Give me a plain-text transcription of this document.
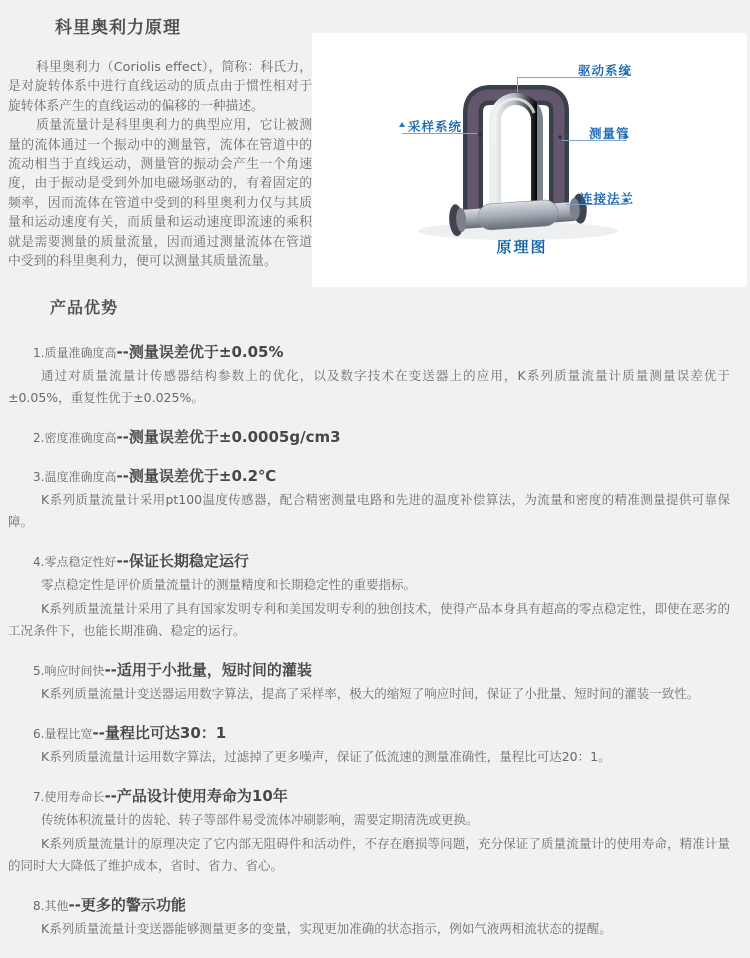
科里奥利力原理

科里奥利力（Coriolis effect），简称：科氏力，是对旋转体系中进行直线运动的质点由于惯性相对于旋转体系产生的直线运动的偏移的一种描述。

质量流量计是科里奥利力的典型应用，它让被测量的流体通过一个振动中的测量管，流体在管道中的流动相当于直线运动，测量管的振动会产生一个角速度，由于振动是受到外加电磁场驱动的，有着固定的频率，因而流体在管道中受到的科里奥利力仅与其质量和运动速度有关，而质量和运动速度即流速的乘积就是需要测量的质量流量，因而通过测量流体在管道中受到的科里奥利力，便可以测量其质量流量。

驱动系统
采样系统	测量管
连接法兰
原理图
产品优势
1.质量准确度高--测量误差优于±0.05%

通过对质量流量计传感器结构参数上的优化，以及数字技术在变送器上的应用，K系列质量流量计质量测量误差优于±0.05%，重复性优于±0.025%。

2.密度准确度高--测量误差优于±0.0005g/cm3
3.温度准确度高--测量误差优于±0.2℃

K系列质量流量计采用pt100温度传感器，配合精密测量电路和先进的温度补偿算法，为流量和密度的精准测量提供可靠保障。

4.零点稳定性好--保证长期稳定运行

零点稳定性是评价质量流量计的测量精度和长期稳定性的重要指标。

K系列质量流量计采用了具有国家发明专利和美国发明专利的独创技术，使得产品本身具有超高的零点稳定性，即使在恶劣的工况条件下，也能长期准确、稳定的运行。

5.响应时间快--适用于小批量，短时间的灌装

K系列质量流量计变送器运用数字算法，提高了采样率，极大的缩短了响应时间，保证了小批量、短时间的灌装一致性。

6.量程比宽--量程比可达30：1

K系列质量流量计运用数字算法，过滤掉了更多噪声，保证了低流速的测量准确性，量程比可达20：1。

7.使用寿命长--产品设计使用寿命为10年

传统体积流量计的齿轮、转子等部件易受流体冲刷影响，需要定期清洗或更换。

K系列质量流量计的原理决定了它内部无阻碍件和活动件，不存在磨损等问题，充分保证了质量流量计的使用寿命，精准计量的同时大大降低了维护成本，省时、省力、省心。

8.其他--更多的警示功能

K系列质量流量计变送器能够测量更多的变量，实现更加准确的状态指示，例如气液两相流状态的提醒。
